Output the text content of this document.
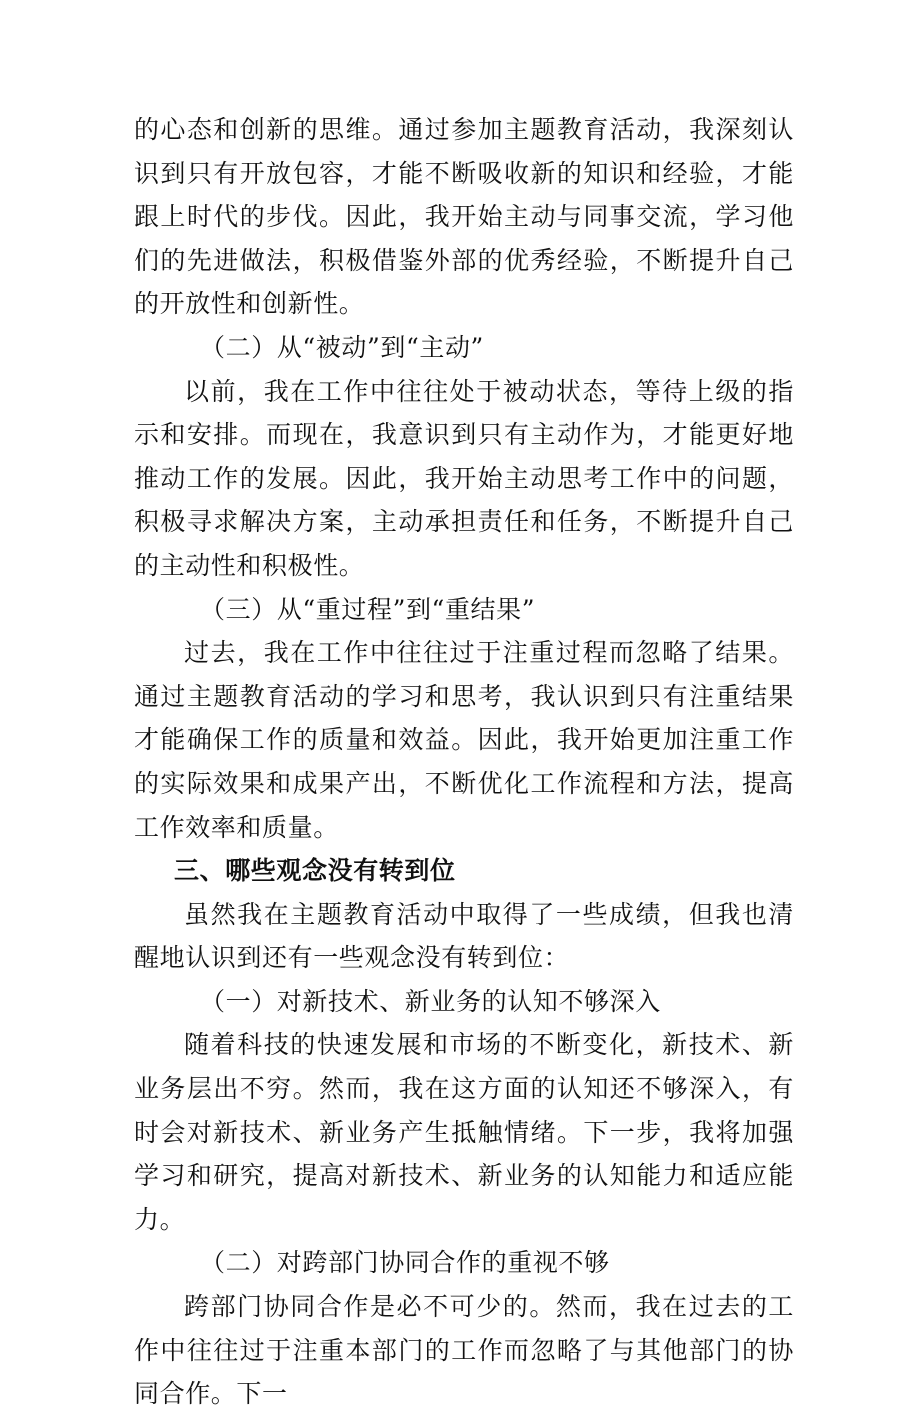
的心态和创新的思维。通过参加主题教育活动，我深刻认识到只有开放包容，才能不断吸收新的知识和经验，才能跟上时代的步伐。因此，我开始主动与同事交流，学习他们的先进做法，积极借鉴外部的优秀经验，不断提升自己的开放性和创新性。

（二）从“被动”到“主动”

以前，我在工作中往往处于被动状态，等待上级的指示和安排。而现在，我意识到只有主动作为，才能更好地推动工作的发展。因此，我开始主动思考工作中的问题，积极寻求解决方案，主动承担责任和任务，不断提升自己的主动性和积极性。

（三）从“重过程”到“重结果”

过去，我在工作中往往过于注重过程而忽略了结果。通过主题教育活动的学习和思考，我认识到只有注重结果才能确保工作的质量和效益。因此，我开始更加注重工作的实际效果和成果产出，不断优化工作流程和方法，提高工作效率和质量。

三、哪些观念没有转到位

虽然我在主题教育活动中取得了一些成绩，但我也清醒地认识到还有一些观念没有转到位：

（一）对新技术、新业务的认知不够深入

随着科技的快速发展和市场的不断变化，新技术、新业务层出不穷。然而，我在这方面的认知还不够深入，有时会对新技术、新业务产生抵触情绪。下一步，我将加强学习和研究，提高对新技术、新业务的认知能力和适应能力。

（二）对跨部门协同合作的重视不够

跨部门协同合作是必不可少的。然而，我在过去的工作中往往过于注重本部门的工作而忽略了与其他部门的协同合作。下一
